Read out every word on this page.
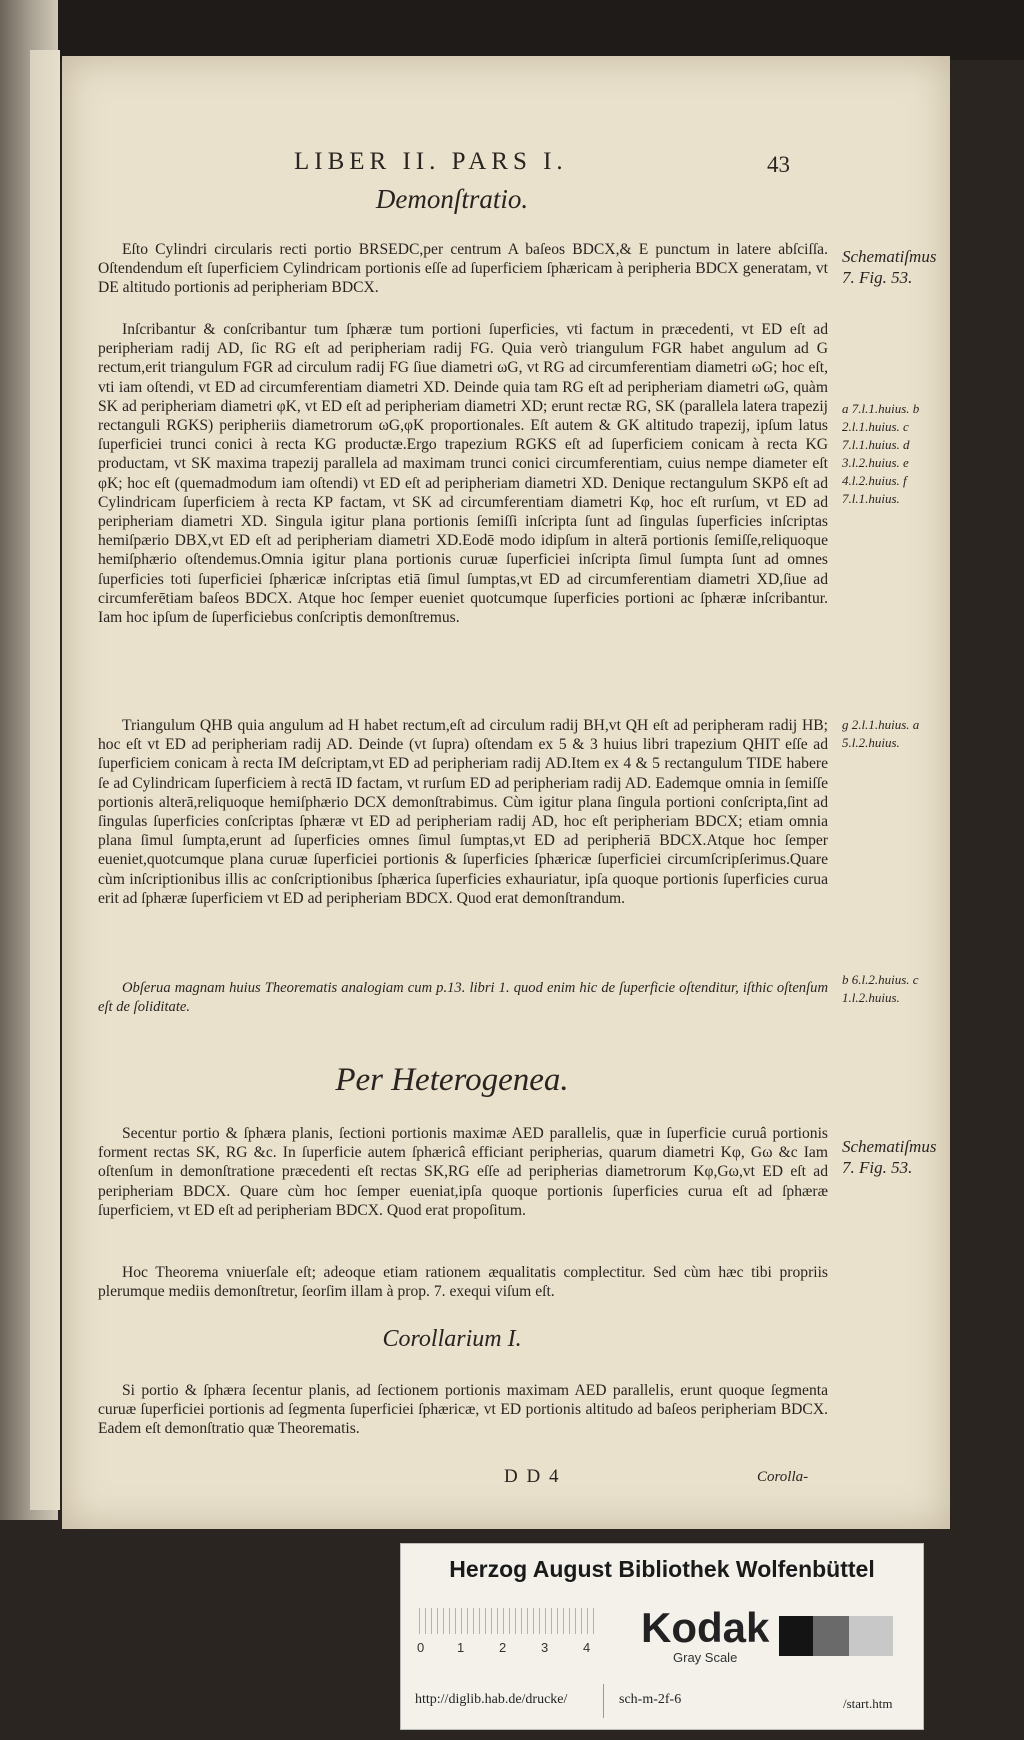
LIBER II. PARS I.	43
Demonſtratio.

Eſto Cylindri circularis recti portio BRSEDC,per centrum A baſeos BDCX,& E punctum in latere abſciſſa. Oſtendendum eſt ſuperficiem Cylindricam portionis eſſe ad ſuperficiem ſphæricam à peripheria BDCX generatam, vt DE altitudo portionis ad peripheriam BDCX.

Inſcribantur & conſcribantur tum ſphæræ tum portioni ſuperficies, vti factum in præcedenti, vt ED eſt ad peripheriam radij AD, ſic RG eſt ad peripheriam radij FG. Quia verò triangulum FGR habet angulum ad G rectum,erit triangulum FGR ad circulum radij FG ſiue diametri ωG, vt RG ad circumferentiam diametri ωG; hoc eſt, vti iam oſtendi, vt ED ad circumferentiam diametri XD. Deinde quia tam RG eſt ad peripheriam diametri ωG, quàm SK ad peripheriam diametri φK, vt ED eſt ad peripheriam diametri XD; erunt rectæ RG, SK (parallela latera trapezij rectanguli RGKS) peripheriis diametrorum ωG,φK proportionales. Eſt autem & GK altitudo trapezij, ipſum latus ſuperficiei trunci conici à recta KG productæ.Ergo trapezium RGKS eſt ad ſuperficiem conicam à recta KG productam, vt SK maxima trapezij parallela ad maximam trunci conici circumferentiam, cuius nempe diameter eſt φK; hoc eſt (quemadmodum iam oſtendi) vt ED eſt ad peripheriam diametri XD. Denique rectangulum SKPδ eſt ad Cylindricam ſuperficiem à recta KP factam, vt SK ad circumferentiam diametri Kφ, hoc eſt rurſum, vt ED ad peripheriam diametri XD. Singula igitur plana portionis ſemiſſi inſcripta ſunt ad ſingulas ſuperficies inſcriptas hemiſpærio DBX,vt ED eſt ad peripheriam diametri XD.Eodē modo idipſum in alterā portionis ſemiſſe,reliquoque hemiſphærio oſtendemus.Omnia igitur plana portionis curuæ ſuperficiei inſcripta ſimul ſumpta ſunt ad omnes ſuperficies toti ſuperficiei ſphæricæ inſcriptas etiā ſimul ſumptas,vt ED ad circumferentiam diametri XD,ſiue ad circumferētiam baſeos BDCX. Atque hoc ſemper eueniet quotcumque ſuperficies portioni ac ſphæræ inſcribantur. Iam hoc ipſum de ſuperficiebus conſcriptis demonſtremus.

Triangulum QHB quia angulum ad H habet rectum,eſt ad circulum radij BH,vt QH eſt ad peripheram radij HB; hoc eſt vt ED ad peripheriam radij AD. Deinde (vt ſupra) oſtendam ex 5 & 3 huius libri trapezium QHIT eſſe ad ſuperficiem conicam à recta IM deſcriptam,vt ED ad peripheriam radij AD.Item ex 4 & 5 rectangulum TIDE habere ſe ad Cylindricam ſuperficiem à rectā ID factam, vt rurſum ED ad peripheriam radij AD. Eademque omnia in ſemiſſe portionis alterā,reliquoque hemiſphærio DCX demonſtrabimus. Cùm igitur plana ſingula portioni conſcripta,ſint ad ſingulas ſuperficies conſcriptas ſphæræ vt ED ad peripheriam radij AD, hoc eſt peripheriam BDCX; etiam omnia plana ſimul ſumpta,erunt ad ſuperficies omnes ſimul ſumptas,vt ED ad peripheriā BDCX.Atque hoc ſemper eueniet,quotcumque plana curuæ ſuperficiei portionis & ſuperficies ſphæricæ ſuperficiei circumſcripſerimus.Quare cùm inſcriptionibus illis ac conſcriptionibus ſphærica ſuperficies exhauriatur, ipſa quoque portionis ſuperficies curua erit ad ſphæræ ſuperficiem vt ED ad peripheriam BDCX. Quod erat demonſtrandum.

Obſerua magnam huius Theorematis analogiam cum p.13. libri 1. quod enim hic de ſuperficie oſtenditur, iſthic oſtenſum eſt de ſoliditate.

Per Heterogenea.

Secentur portio & ſphæra planis, ſectioni portionis maximæ AED parallelis, quæ in ſuperficie curuâ portionis forment rectas SK, RG &c. In ſuperficie autem ſphæricâ efficiant peripherias, quarum diametri Kφ, Gω &c Iam oſtenſum in demonſtratione præcedenti eſt rectas SK,RG eſſe ad peripherias diametrorum Kφ,Gω,vt ED eſt ad peripheriam BDCX. Quare cùm hoc ſemper eueniat,ipſa quoque portionis ſuperficies curua eſt ad ſphæræ ſuperficiem, vt ED eſt ad peripheriam BDCX. Quod erat propoſitum.

Hoc Theorema vniuerſale eſt; adeoque etiam rationem æqualitatis complectitur. Sed cùm hæc tibi propriis plerumque mediis demonſtretur, ſeorſim illam à prop. 7. exequi viſum eſt.

Corollarium I.

Si portio & ſphæra ſecentur planis, ad ſectionem portionis maximam AED parallelis, erunt quoque ſegmenta curuæ ſuperficiei portionis ad ſegmenta ſuperficiei ſphæricæ, vt ED portionis altitudo ad baſeos peripheriam BDCX. Eadem eſt demonſtratio quæ Theorematis.

Schematiſmus 7. Fig. 53.
a 7.l.1.huius. b 2.l.1.huius. c 7.l.1.huius. d 3.l.2.huius. e 4.l.2.huius. f 7.l.1.huius.
g 2.l.1.huius. a 5.l.2.huius.
b 6.l.2.huius. c 1.l.2.huius.
Schematiſmus 7. Fig. 53.
D D 4	Corolla-
Herzog August Bibliothek Wolfenbüttel
0	1	2	3	4 Kodak
Gray Scale
http://diglib.hab.de/drucke/	sch-m-2f-6	/start.htm
